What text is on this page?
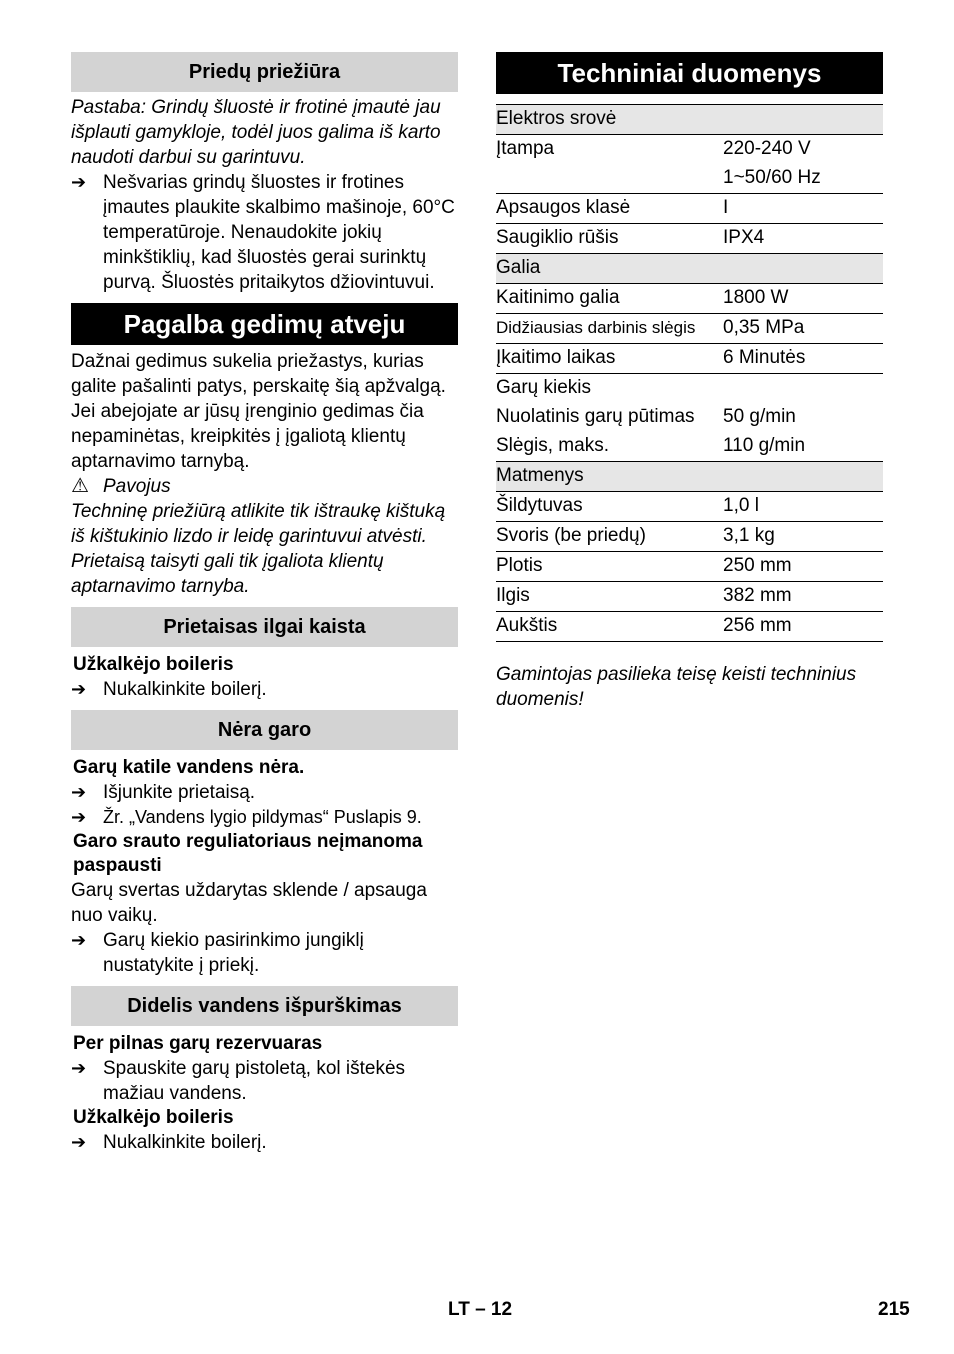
Priedų priežiūra

Pastaba: Grindų šluostė ir frotinė įmautė jau išplauti gamykloje, todėl juos galima iš karto naudoti darbui su garintuvu.

➔ Nešvarias grindų šluostes ir frotines įmautes plaukite skalbimo mašinoje, 60°C temperatūroje. Nenaudokite jokių minkštiklių, kad šluostės gerai surinktų purvą. Šluostės pritaikytos džiovintuvui.
Pagalba gedimų atveju

Dažnai gedimus sukelia priežastys, kurias galite pašalinti patys, perskaitę šią apžvalgą. Jei abejojate ar jūsų įrenginio gedimas čia nepaminėtas, kreipkitės į įgaliotą klientų aptarnavimo tarnybą.

⚠ Pavojus

Techninę priežiūrą atlikite tik ištraukę kištuką iš kištukinio lizdo ir leidę garintuvui atvėsti.

Prietaisą taisyti gali tik įgaliota klientų aptarnavimo tarnyba.

Prietaisas ilgai kaista
Užkalkėjo boileris
➔ Nukalkinkite boilerį.
Nėra garo
Garų katile vandens nėra.
➔ Išjunkite prietaisą.
➔ Žr. „Vandens lygio pildymas“ Puslapis 9.
Garo srauto reguliatoriaus neįmanoma paspausti

Garų svertas uždarytas sklende / apsauga nuo vaikų.

➔ Garų kiekio pasirinkimo jungiklį nustatykite į priekį.
Didelis vandens išpurškimas
Per pilnas garų rezervuaras
➔ Spauskite garų pistoletą, kol ištekės mažiau vandens.
Užkalkėjo boileris
➔ Nukalkinkite boilerį.
Techniniai duomenys
Elektros srovė
Įtampa	220-240 V
1~50/60 Hz
Apsaugos klasė	I
Saugiklio rūšis	IPX4
Galia
Kaitinimo galia	1800 W
Didžiausias darbinis slėgis	0,35 MPa
Įkaitimo laikas	6 Minutės
Garų kiekis
Nuolatinis garų pūtimas	50 g/min
Slėgis, maks.	110 g/min
Matmenys
Šildytuvas	1,0 l
Svoris (be priedų)	3,1 kg
Plotis	250 mm
Ilgis	382 mm
Aukštis	256 mm

Gamintojas pasilieka teisę keisti techninius duomenis!

LT – 12	215
